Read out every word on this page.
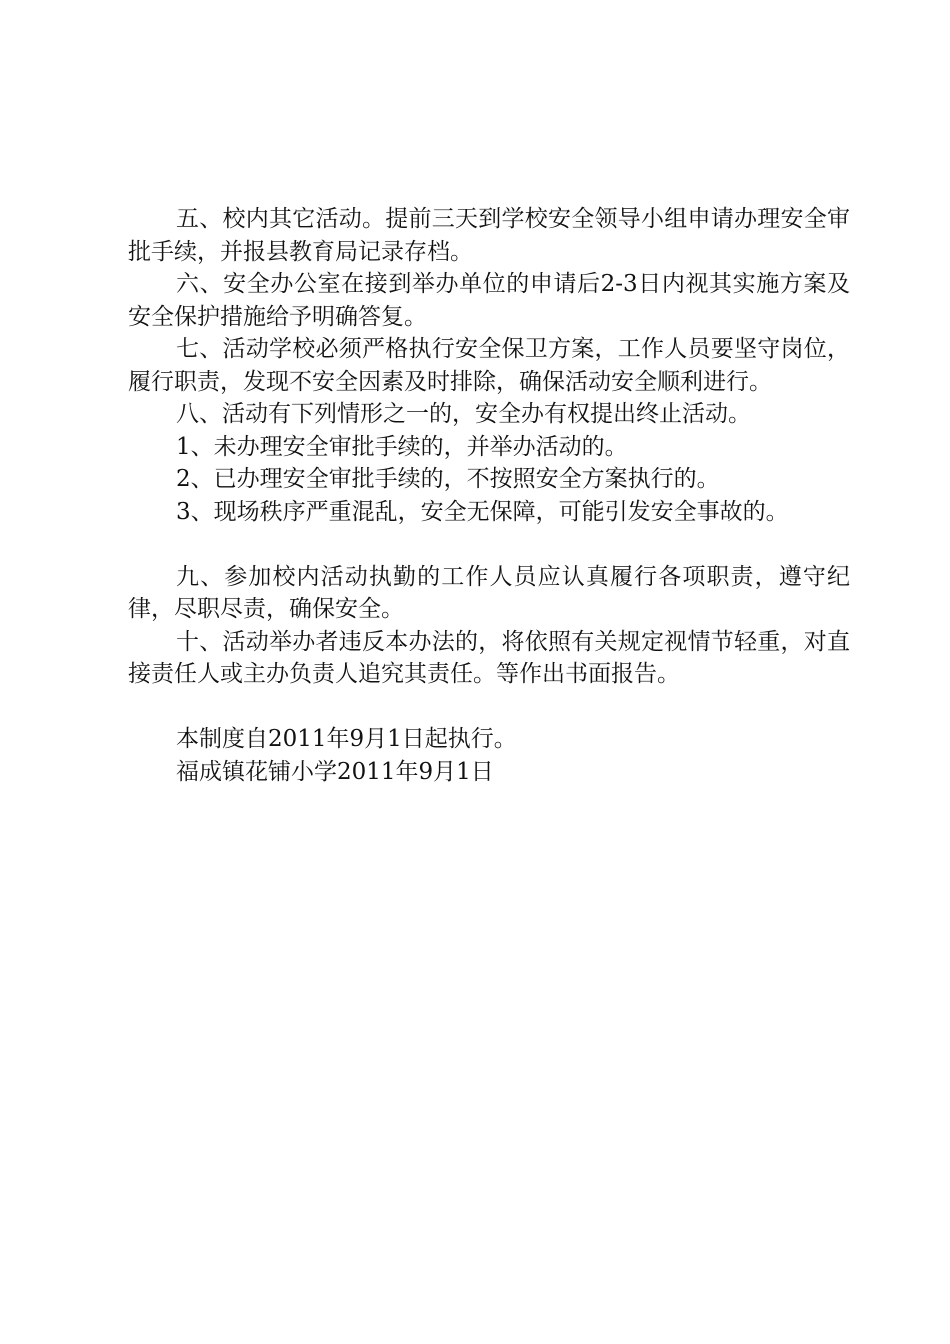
五、校内其它活动。提前三天到学校安全领导小组申请办理安全审批手续，并报县教育局记录存档。

六、安全办公室在接到举办单位的申请后2-3日内视其实施方案及安全保护措施给予明确答复。

七、活动学校必须严格执行安全保卫方案，工作人员要坚守岗位，履行职责，发现不安全因素及时排除，确保活动安全顺利进行。

八、活动有下列情形之一的，安全办有权提出终止活动。

1、未办理安全审批手续的，并举办活动的。

2、已办理安全审批手续的，不按照安全方案执行的。

3、现场秩序严重混乱，安全无保障，可能引发安全事故的。

九、参加校内活动执勤的工作人员应认真履行各项职责，遵守纪律，尽职尽责，确保安全。

十、活动举办者违反本办法的，将依照有关规定视情节轻重，对直接责任人或主办负责人追究其责任。等作出书面报告。

本制度自2011年9月1日起执行。

福成镇花铺小学2011年9月1日
